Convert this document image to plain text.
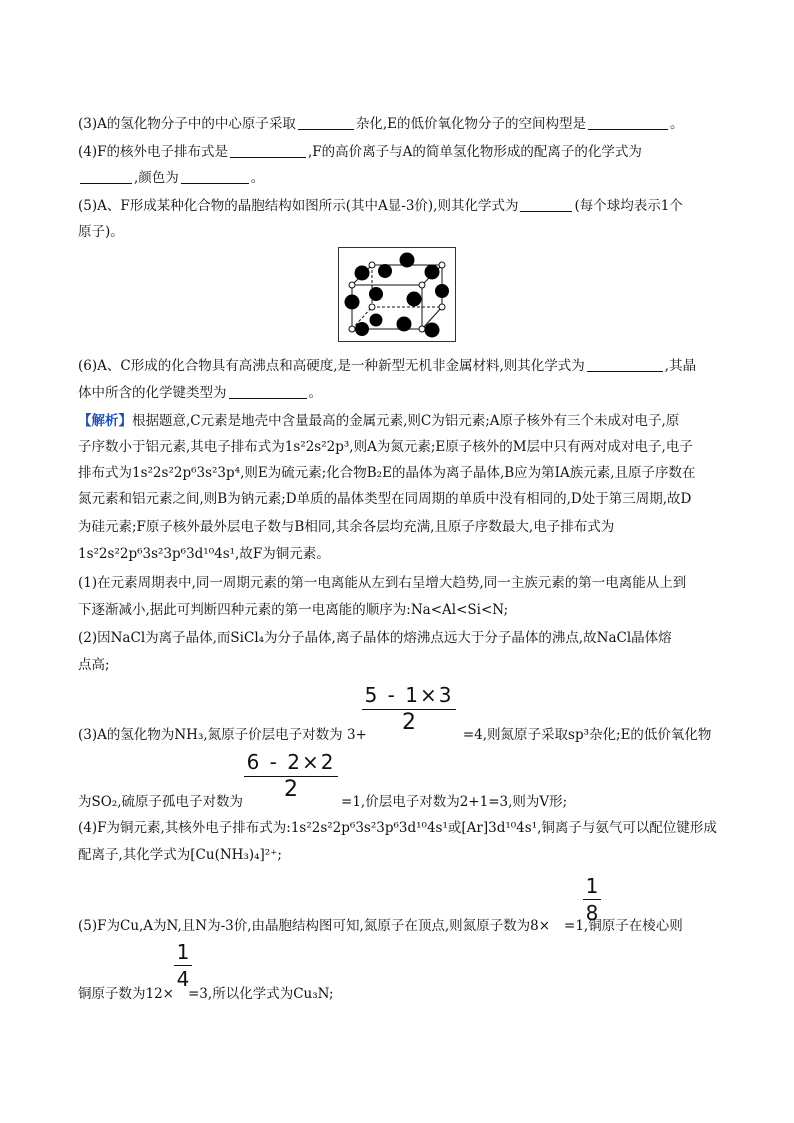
(3)A的氢化物分子中的中心原子采取	杂化,E的低价氧化物分子的空间构型是	。
(4)F的核外电子排布式是	,F的高价离子与A的简单氢化物形成的配离子的化学式为
,颜色为	。
(5)A、F形成某种化合物的晶胞结构如图所示(其中A显-3价),则其化学式为	(每个球均表示1个
原子)。
(6)A、C形成的化合物具有高沸点和高硬度,是一种新型无机非金属材料,则其化学式为	,其晶
体中所含的化学键类型为	。
【解析】根据题意,C元素是地壳中含量最高的金属元素,则C为铝元素;A原子核外有三个未成对电子,原
子序数小于铝元素,其电子排布式为1s²2s²2p³,则A为氮元素;E原子核外的M层中只有两对成对电子,电子
排布式为1s²2s²2p⁶3s²3p⁴,则E为硫元素;化合物B₂E的晶体为离子晶体,B应为第ⅠA族元素,且原子序数在
氮元素和铝元素之间,则B为钠元素;D单质的晶体类型在同周期的单质中没有相同的,D处于第三周期,故D
为硅元素;F原子核外最外层电子数与B相同,其余各层均充满,且原子序数最大,电子排布式为
1s²2s²2p⁶3s²3p⁶3d¹⁰4s¹,故F为铜元素。
(1)在元素周期表中,同一周期元素的第一电离能从左到右呈增大趋势,同一主族元素的第一电离能从上到
下逐渐减小,据此可判断四种元素的第一电离能的顺序为:Na<Al<Si<N;
(2)因NaCl为离子晶体,而SiCl₄为分子晶体,离子晶体的熔沸点远大于分子晶体的沸点,故NaCl晶体熔
点高;
5 - 1×3
2
(3)A的氢化物为NH₃,氮原子价层电子对数为 3+	=4,则氮原子采取sp³杂化;E的低价氧化物
6 - 2×2
2
为SO₂,硫原子孤电子对数为	=1,价层电子对数为2+1=3,则为V形;
(4)F为铜元素,其核外电子排布式为:1s²2s²2p⁶3s²3p⁶3d¹⁰4s¹或[Ar]3d¹⁰4s¹,铜离子与氨气可以配位键形成
配离子,其化学式为[Cu(NH₃)₄]²⁺;
1
8
(5)F为Cu,A为N,且N为-3价,由晶胞结构图可知,氮原子在顶点,则氮原子数为8× =1,铜原子在棱心则
1
4
铜原子数为12× =3,所以化学式为Cu₃N;
